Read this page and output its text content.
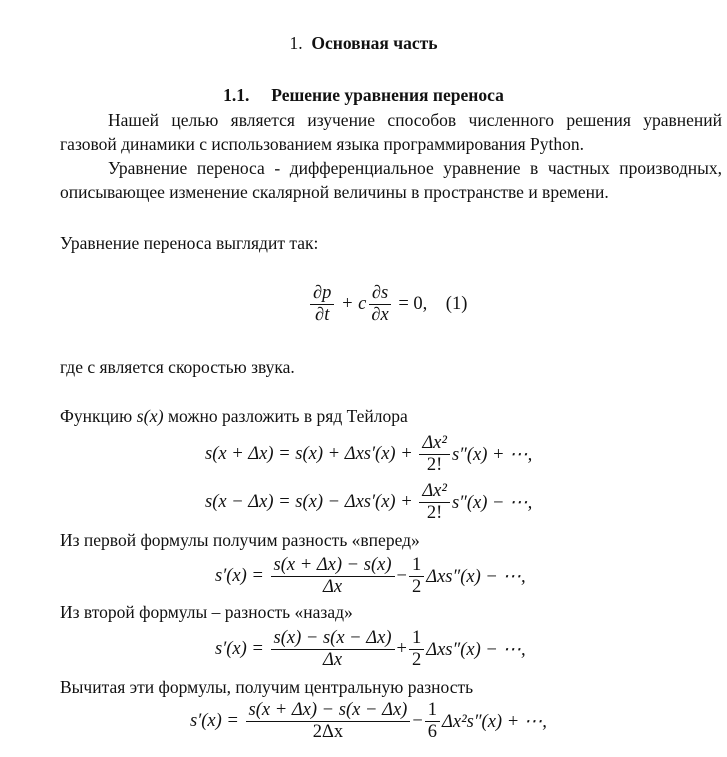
1. Основная часть
1.1. Решение уравнения переноса
Нашей целью является изучение способов численного решения уравнений газовой динамики с использованием языка программирования Python.
Уравнение переноса - дифференциальное уравнение в частных производных, описывающее изменение скалярной величины в пространстве и времени.
Уравнение переноса выглядит так:
$\frac{\partial p}{\partial t} + c \frac{\partial s}{\partial x} = 0$,    (1)
где с является скоростью звука.
Функцию s(x) можно разложить в ряд Тейлора
$s(x + \Delta x) = s(x) + \Delta xs'(x) + \frac{\text{Δx²}}{2!} s''(x)$ + ⋯,
$s(x - \Delta x) = s(x) - \Delta xs'(x) + \frac{\text{Δx²}}{2!} s''(x)$ − ⋯,
Из первой формулы получим разность «вперед»
$s'(x) = \frac{s(x + \Delta x) - s(x)}{\Delta x} - \frac{1}{2} \Delta xs''(x)$ − ⋯,
Из второй формулы – разность «назад»
$s'(x) = \frac{s(x) - s(x - \Delta x)}{\Delta x} + \frac{1}{2} \Delta xs''(x)$ − ⋯,
Вычитая эти формулы, получим центральную разность
$s'(x) = \frac{s(x + \Delta x) - s(x - \Delta x)}{2\Delta x} - \frac{1}{6} \Delta x^2s''(x)$ + ⋯,
